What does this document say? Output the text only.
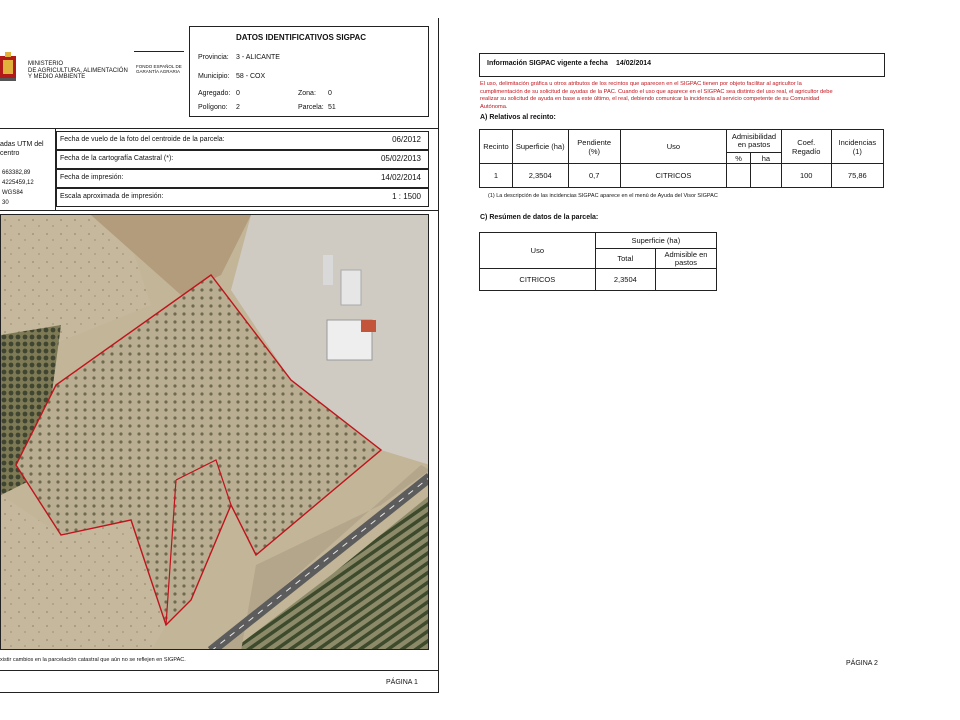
MINISTERIO
DE AGRICULTURA, ALIMENTACIÓN
Y MEDIO AMBIENTE
FONDO ESPAÑOL DE
GARANTÍA AGRARIA
DATOS IDENTIFICATIVOS SIGPAC
Provincia: 3 - ALICANTE
Municipio: 58 - COX
Agregado: 0	Zona: 0
Polígono: 2	Parcela: 51
adas UTM del
centro
663382,89
4225459,12
WGS84
30
Fecha de vuelo de la foto del centroide de la parcela:	06/2012
Fecha de la cartografía Catastral (*):	05/02/2013
Fecha de impresión:	14/02/2014
Escala aproximada de impresión:	1 : 1500
xistir cambios en la parcelación catastral que aún no se reflejen en SIGPAC.
PÁGINA 1
Información SIGPAC vigente a fecha 14/02/2014
El uso, delimitación gráfica u otros atributos de los recintos que aparecen en el SIGPAC tienen por objeto facilitar al agricultor la
cumplimentación de su solicitud de ayudas de la PAC. Cuando el uso que aparece en el SIGPAC sea distinto del uso real, el agricultor debe
realizar su solicitud de ayuda en base a este último, el real, debiendo comunicar la incidencia al servicio competente de su Comunidad
Autónoma.
A) Relativos al recinto:
Recinto	Superficie (ha)	Pendiente (%)	Uso	Admisibilidad en pastos		Coef. Regadío	Incidencias (1)
				%	ha		
1	2,3504	0,7	CITRICOS			100	75,86
(1) La descripción de las incidencias SIGPAC aparece en el menú de Ayuda del Visor SIGPAC
C) Resúmen de datos de la parcela:
Uso	Superficie (ha)	
	Total	Admisible en pastos
CITRICOS	2,3504	
PÁGINA 2
